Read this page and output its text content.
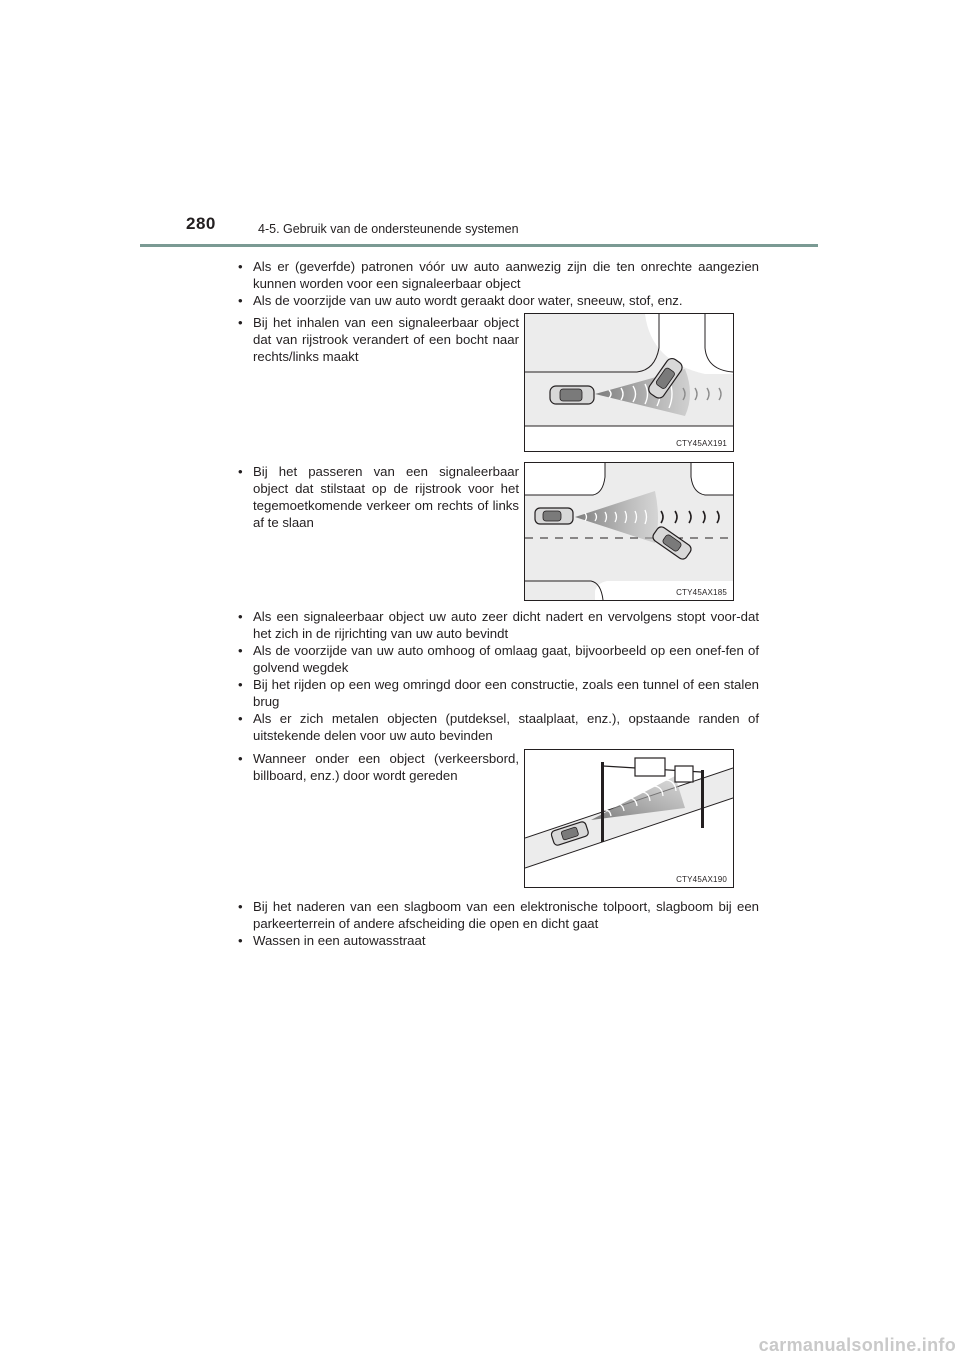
280	4-5. Gebruik van de ondersteunende systemen
• Als er (geverfde) patronen vóór uw auto aanwezig zijn die ten onrechte aangezien kunnen worden voor een signaleerbaar object
• Als de voorzijde van uw auto wordt geraakt door water, sneeuw, stof, enz.
• Bij het inhalen van een signaleerbaar object dat van rijstrook verandert of een bocht naar rechts/links maakt
CTY45AX191
• Bij het passeren van een signaleerbaar object dat stilstaat op de rijstrook voor het tegemoetkomende verkeer om rechts of links af te slaan
CTY45AX185
• Als een signaleerbaar object uw auto zeer dicht nadert en vervolgens stopt voor-dat het zich in de rijrichting van uw auto bevindt
• Als de voorzijde van uw auto omhoog of omlaag gaat, bijvoorbeeld op een onef-fen of golvend wegdek
• Bij het rijden op een weg omringd door een constructie, zoals een tunnel of een stalen brug
• Als er zich metalen objecten (putdeksel, staalplaat, enz.), opstaande randen of uitstekende delen voor uw auto bevinden
• Wanneer onder een object (verkeersbord, billboard, enz.) door wordt gereden
CTY45AX190
• Bij het naderen van een slagboom van een elektronische tolpoort, slagboom bij een parkeerterrein of andere afscheiding die open en dicht gaat
• Wassen in een autowasstraat
carmanualsonline.info
